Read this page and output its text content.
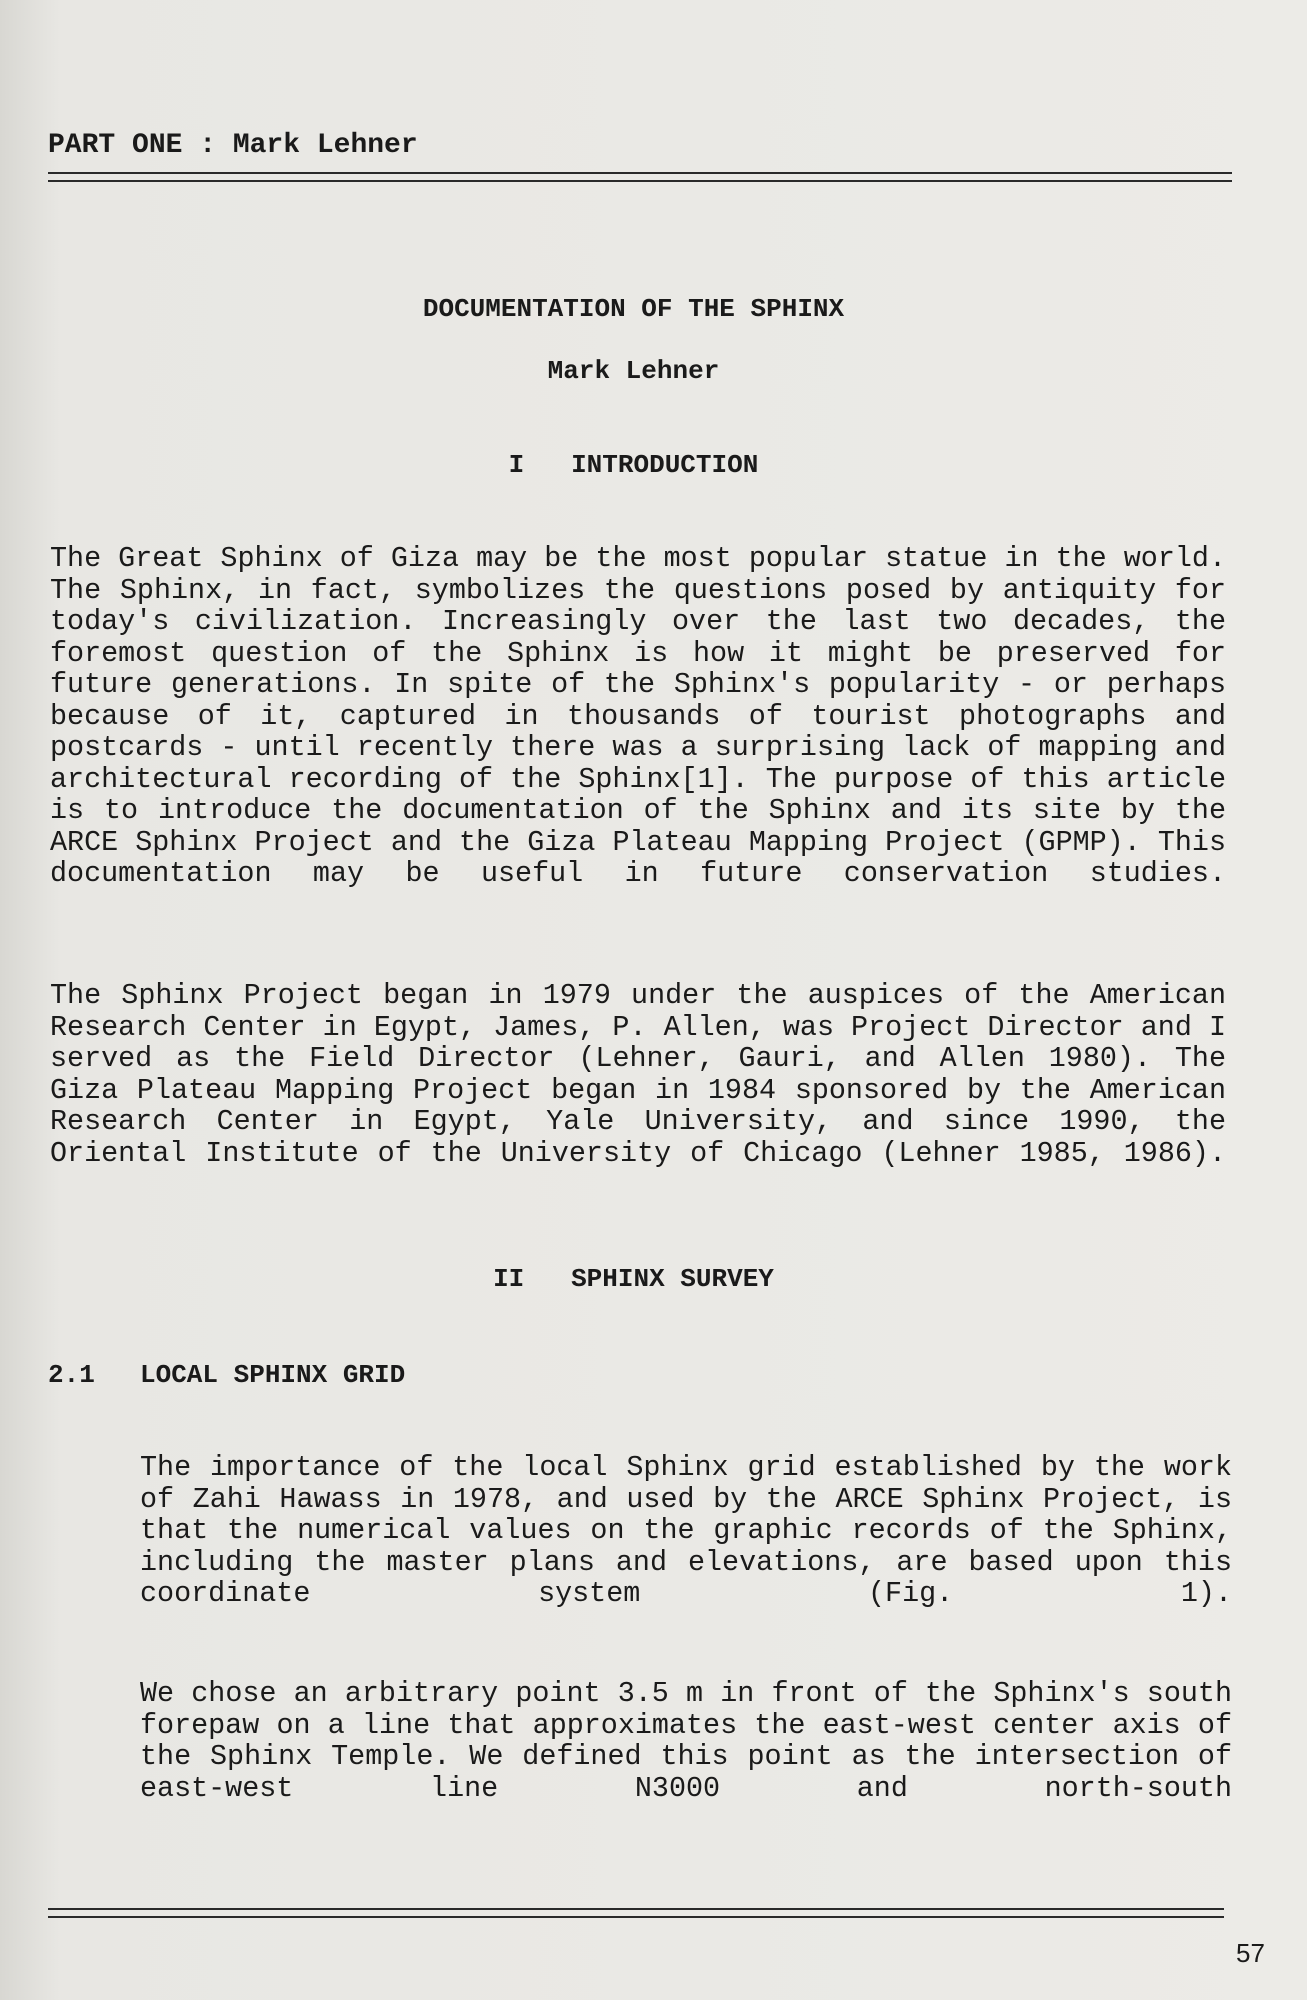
PART ONE : Mark Lehner
DOCUMENTATION OF THE SPHINX
Mark Lehner
I   INTRODUCTION

The Great Sphinx of Giza may be the most popular statue in the world. The Sphinx, in fact, symbolizes the questions posed by antiquity for today's civilization. Increasingly over the last two decades, the foremost question of the Sphinx is how it might be preserved for future generations. In spite of the Sphinx's popularity - or perhaps because of it, captured in thousands of tourist photographs and postcards - until recently there was a surprising lack of mapping and architectural recording of the Sphinx[1]. The purpose of this article is to introduce the documentation of the Sphinx and its site by the ARCE Sphinx Project and the Giza Plateau Mapping Project (GPMP). This documentation may be useful in future conservation studies.

The Sphinx Project began in 1979 under the auspices of the American Research Center in Egypt, James, P. Allen, was Project Director and I served as the Field Director (Lehner, Gauri, and Allen 1980). The Giza Plateau Mapping Project began in 1984 sponsored by the American Research Center in Egypt, Yale University, and since 1990, the Oriental Institute of the University of Chicago (Lehner 1985, 1986).

II   SPHINX SURVEY
2.1 LOCAL SPHINX GRID

The importance of the local Sphinx grid established by the work of Zahi Hawass in 1978, and used by the ARCE Sphinx Project, is that the numerical values on the graphic records of the Sphinx, including the master plans and elevations, are based upon this coordinate system (Fig. 1).

We chose an arbitrary point 3.5 m in front of the Sphinx's south forepaw on a line that approximates the east-west center axis of the Sphinx Temple. We defined this point as the intersection of east-west line N3000 and north-south

57
